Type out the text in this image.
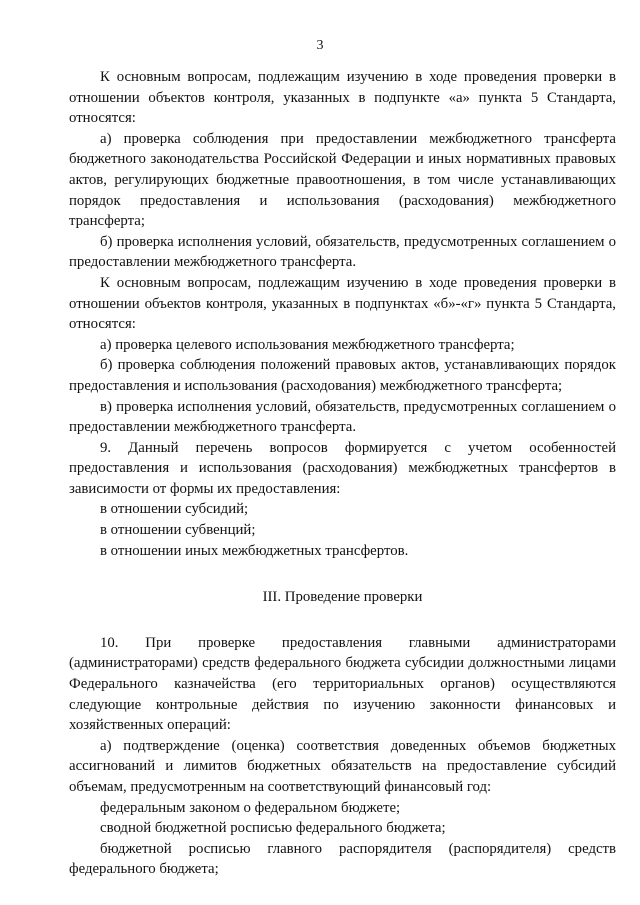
3

К основным вопросам, подлежащим изучению в ходе проведения проверки в отношении объектов контроля, указанных в подпункте «а» пункта 5 Стандарта, относятся:

а) проверка соблюдения при предоставлении межбюджетного трансферта бюджетного законодательства Российской Федерации и иных нормативных правовых актов, регулирующих бюджетные правоотношения, в том числе устанавливающих порядок предоставления и использования (расходования) межбюджетного трансферта;

б) проверка исполнения условий, обязательств, предусмотренных соглашением о предоставлении межбюджетного трансферта.

К основным вопросам, подлежащим изучению в ходе проведения проверки в отношении объектов контроля, указанных в подпунктах «б»-«г» пункта 5 Стандарта, относятся:

а) проверка целевого использования межбюджетного трансферта;

б) проверка соблюдения положений правовых актов, устанавливающих порядок предоставления и использования (расходования) межбюджетного трансферта;

в) проверка исполнения условий, обязательств, предусмотренных соглашением о предоставлении межбюджетного трансферта.

9. Данный перечень вопросов формируется с учетом особенностей предоставления и использования (расходования) межбюджетных трансфертов в зависимости от формы их предоставления:

в отношении субсидий;

в отношении субвенций;

в отношении иных межбюджетных трансфертов.

III. Проведение проверки

10. При проверке предоставления главными администраторами (администраторами) средств федерального бюджета субсидии должностными лицами Федерального казначейства (его территориальных органов) осуществляются следующие контрольные действия по изучению законности финансовых и хозяйственных операций:

а) подтверждение (оценка) соответствия доведенных объемов бюджетных ассигнований и лимитов бюджетных обязательств на предоставление субсидий объемам, предусмотренным на соответствующий финансовый год:

федеральным законом о федеральном бюджете;

сводной бюджетной росписью федерального бюджета;

бюджетной росписью главного распорядителя (распорядителя) средств федерального бюджета;
